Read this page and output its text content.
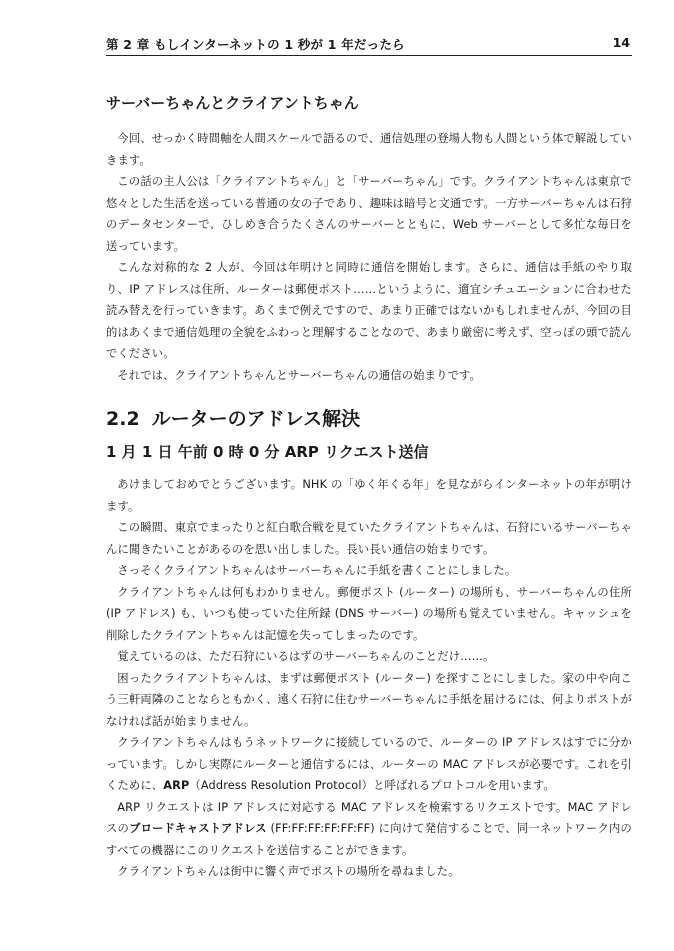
第 2 章 もしインターネットの 1 秒が 1 年だったら	14
サーバーちゃんとクライアントちゃん

今回、せっかく時間軸を人間スケールで語るので、通信処理の登場人物も人間という体で解説していきます。

この話の主人公は「クライアントちゃん」と「サーバーちゃん」です。クライアントちゃんは東京で悠々とした生活を送っている普通の女の子であり、趣味は暗号と文通です。一方サーバーちゃんは石狩のデータセンターで、ひしめき合うたくさんのサーバーとともに、Web サーバーとして多忙な毎日を送っています。

こんな対称的な 2 人が、今回は年明けと同時に通信を開始します。さらに、通信は手紙のやり取り、IP アドレスは住所、ルーターは郵便ポスト……というように、適宜シチュエーションに合わせた読み替えを行っていきます。あくまで例えですので、あまり正確ではないかもしれませんが、今回の目的はあくまで通信処理の全貌をふわっと理解することなので、あまり厳密に考えず、空っぽの頭で読んでください。

それでは、クライアントちゃんとサーバーちゃんの通信の始まりです。

2.2 ルーターのアドレス解決
1 月 1 日 午前 0 時 0 分 ARP リクエスト送信

あけましておめでとうございます。NHK の「ゆく年くる年」を見ながらインターネットの年が明けます。

この瞬間、東京でまったりと紅白歌合戦を見ていたクライアントちゃんは、石狩にいるサーバーちゃんに聞きたいことがあるのを思い出しました。長い長い通信の始まりです。

さっそくクライアントちゃんはサーバーちゃんに手紙を書くことにしました。

クライアントちゃんは何もわかりません。郵便ポスト (ルーター) の場所も、サーバーちゃんの住所 (IP アドレス) も、いつも使っていた住所録 (DNS サーバー) の場所も覚えていません。キャッシュを削除したクライアントちゃんは記憶を失ってしまったのです。

覚えているのは、ただ石狩にいるはずのサーバーちゃんのことだけ……。

困ったクライアントちゃんは、まずは郵便ポスト (ルーター) を探すことにしました。家の中や向こう三軒両隣のことならともかく、遠く石狩に住むサーバーちゃんに手紙を届けるには、何よりポストがなければ話が始まりません。

クライアントちゃんはもうネットワークに接続しているので、ルーターの IP アドレスはすでに分かっています。しかし実際にルーターと通信するには、ルーターの MAC アドレスが必要です。これを引くために、ARP（Address Resolution Protocol）と呼ばれるプロトコルを用います。

ARP リクエストは IP アドレスに対応する MAC アドレスを検索するリクエストです。MAC アドレスのブロードキャストアドレス (FF:FF:FF:FF:FF:FF) に向けて発信することで、同一ネットワーク内のすべての機器にこのリクエストを送信することができます。

クライアントちゃんは街中に響く声でポストの場所を尋ねました。
